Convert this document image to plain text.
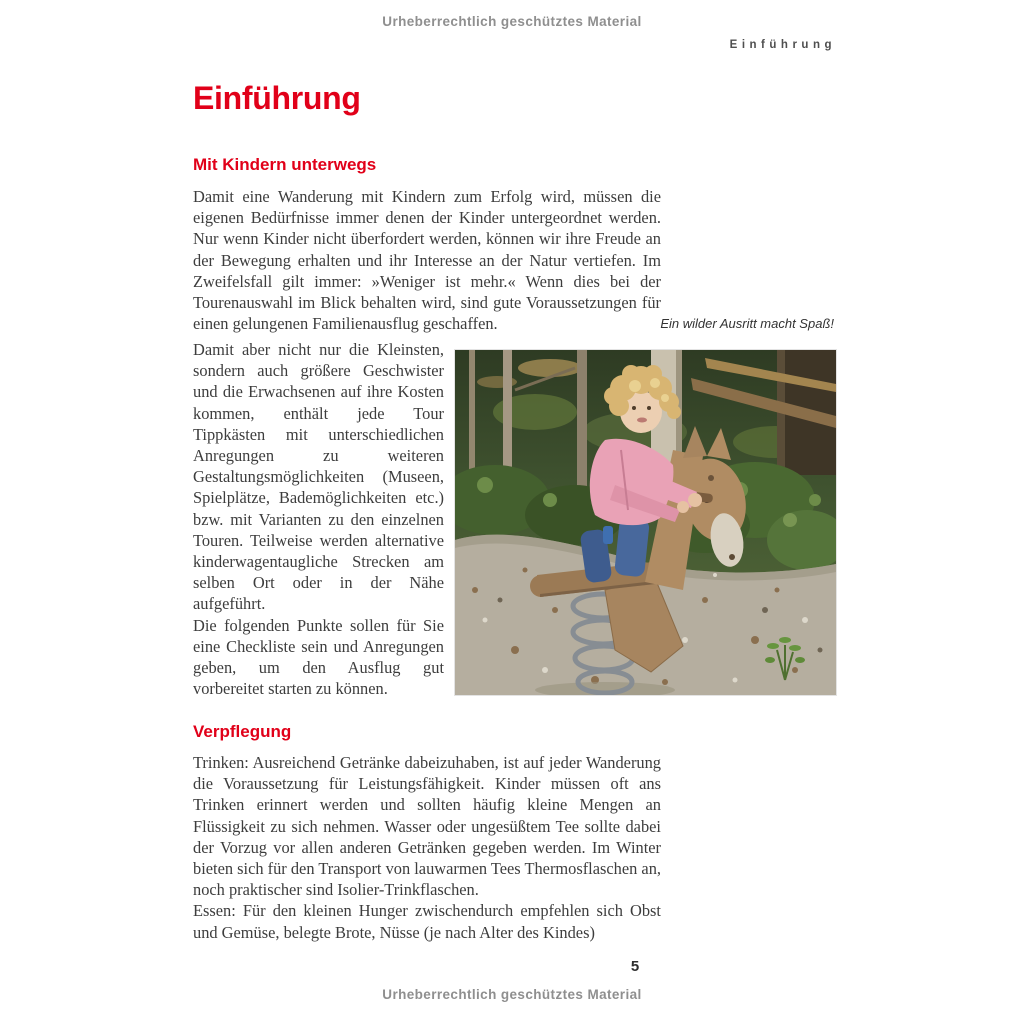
Urheberrechtlich geschütztes Material
Einführung
Einführung
Mit Kindern unterwegs

Damit eine Wanderung mit Kindern zum Erfolg wird, müssen die eigenen Bedürfnisse immer denen der Kinder untergeordnet werden. Nur wenn Kinder nicht überfordert werden, können wir ihre Freude an der Bewegung erhalten und ihr Interesse an der Natur vertiefen. Im Zweifelsfall gilt immer: »Weniger ist mehr.« Wenn dies bei der Tourenauswahl im Blick behalten wird, sind gute Voraussetzungen für einen gelungenen Familienausflug geschaffen.	Ein wilder Ausritt macht Spaß!

Damit aber nicht nur die Kleinsten, sondern auch größere Geschwister und die Erwachsenen auf ihre Kosten kommen, enthält jede Tour Tippkästen mit unterschiedlichen Anregungen zu weiteren Gestaltungsmöglichkeiten (Museen, Spielplätze, Bademöglichkeiten etc.) bzw. mit Varianten zu den einzelnen Touren. Teilweise werden alternative kinderwagentaugliche Strecken am selben Ort oder in der Nähe aufgeführt.

Die folgenden Punkte sollen für Sie eine Checkliste sein und Anregungen geben, um den Ausflug gut vorbereitet starten zu können.

Verpflegung

Trinken: Ausreichend Getränke dabeizuhaben, ist auf jeder Wanderung die Voraussetzung für Leistungsfähigkeit. Kinder müssen oft ans Trinken erinnert werden und sollten häufig kleine Mengen an Flüssigkeit zu sich nehmen. Wasser oder ungesüßtem Tee sollte dabei der Vorzug vor allen anderen Getränken gegeben werden. Im Winter bieten sich für den Transport von lauwarmen Tees Thermosflaschen an, noch praktischer sind Isolier-Trinkflaschen.

Essen: Für den kleinen Hunger zwischendurch empfehlen sich Obst und Gemüse, belegte Brote, Nüsse (je nach Alter des Kindes)

5
Urheberrechtlich geschütztes Material
